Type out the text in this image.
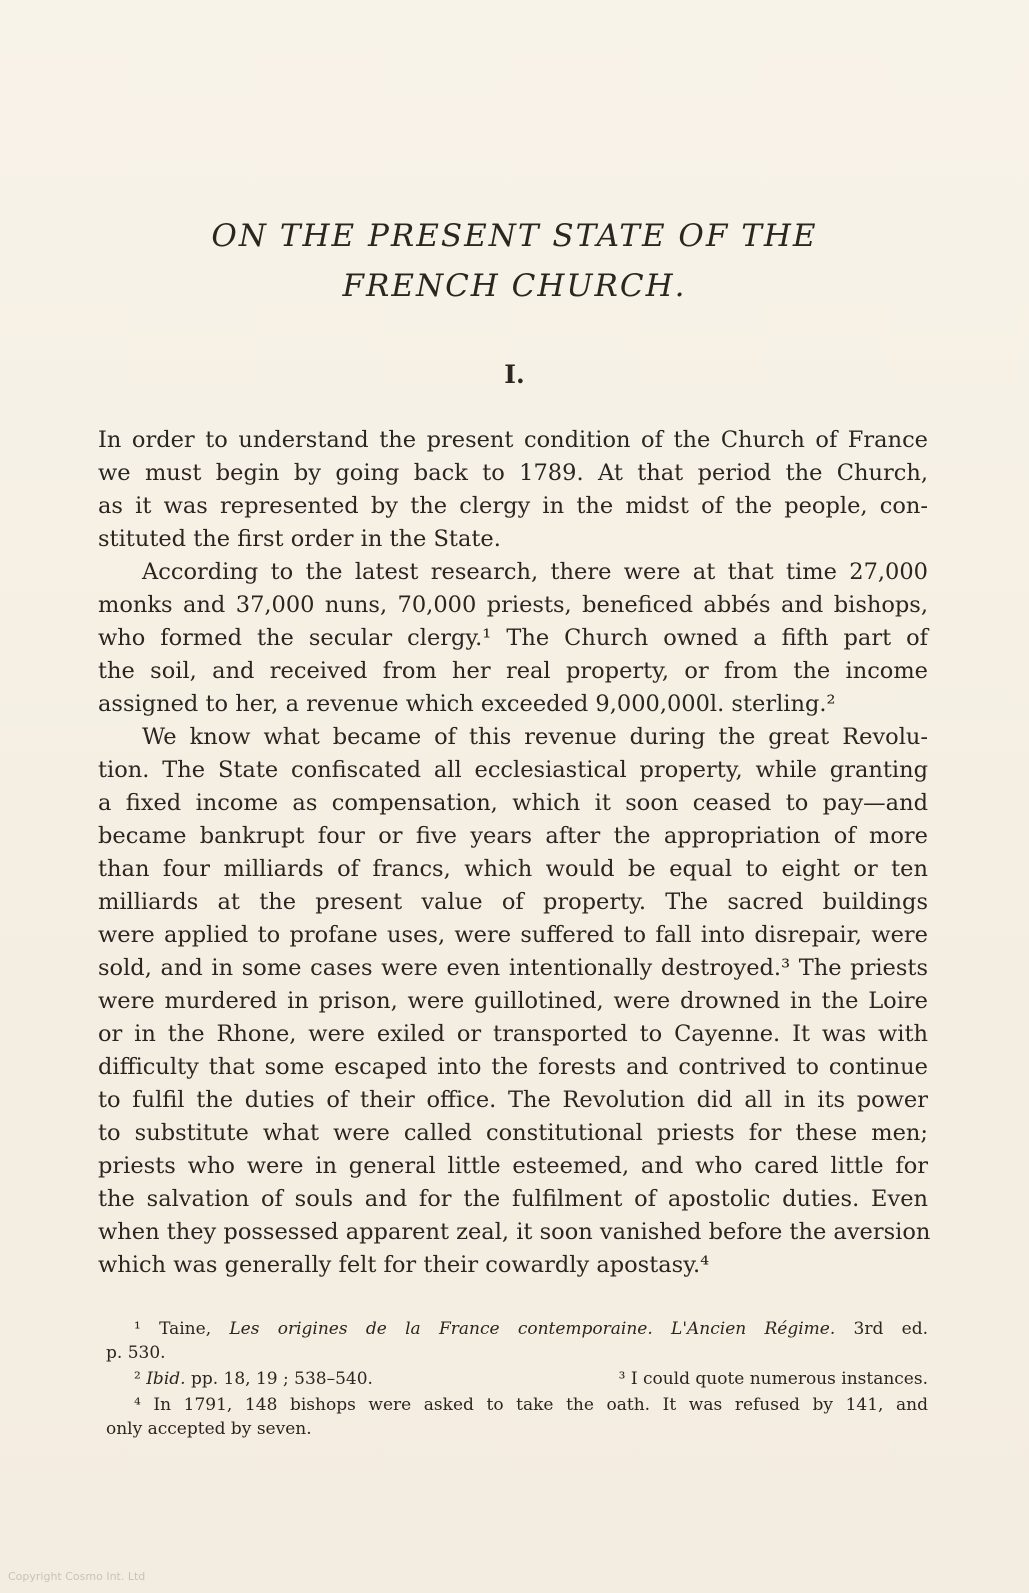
ON THE PRESENT STATE OF THE
FRENCH CHURCH.
I.
In order to understand the present condition of the Church of France
we must begin by going back to 1789. At that period the Church,
as it was represented by the clergy in the midst of the people, con-
stituted the first order in the State.
According to the latest research, there were at that time 27,000
monks and 37,000 nuns, 70,000 priests, beneficed abbés and bishops,
who formed the secular clergy.¹ The Church owned a fifth part of
the soil, and received from her real property, or from the income
assigned to her, a revenue which exceeded 9,000,000l. sterling.²
We know what became of this revenue during the great Revolu-
tion. The State confiscated all ecclesiastical property, while granting
a fixed income as compensation, which it soon ceased to pay—and
became bankrupt four or five years after the appropriation of more
than four milliards of francs, which would be equal to eight or ten
milliards at the present value of property. The sacred buildings
were applied to profane uses, were suffered to fall into disrepair, were
sold, and in some cases were even intentionally destroyed.³ The priests
were murdered in prison, were guillotined, were drowned in the Loire
or in the Rhone, were exiled or transported to Cayenne. It was with
difficulty that some escaped into the forests and contrived to continue
to fulfil the duties of their office. The Revolution did all in its power
to substitute what were called constitutional priests for these men;
priests who were in general little esteemed, and who cared little for
the salvation of souls and for the fulfilment of apostolic duties. Even
when they possessed apparent zeal, it soon vanished before the aversion
which was generally felt for their cowardly apostasy.⁴
¹ Taine, Les origines de la France contemporaine. L'Ancien Régime. 3rd ed.
p. 530.
² Ibid. pp. 18, 19 ; 538–540.	³ I could quote numerous instances.
⁴ In 1791, 148 bishops were asked to take the oath. It was refused by 141, and
only accepted by seven.
Copyright Cosmo Int. Ltd
